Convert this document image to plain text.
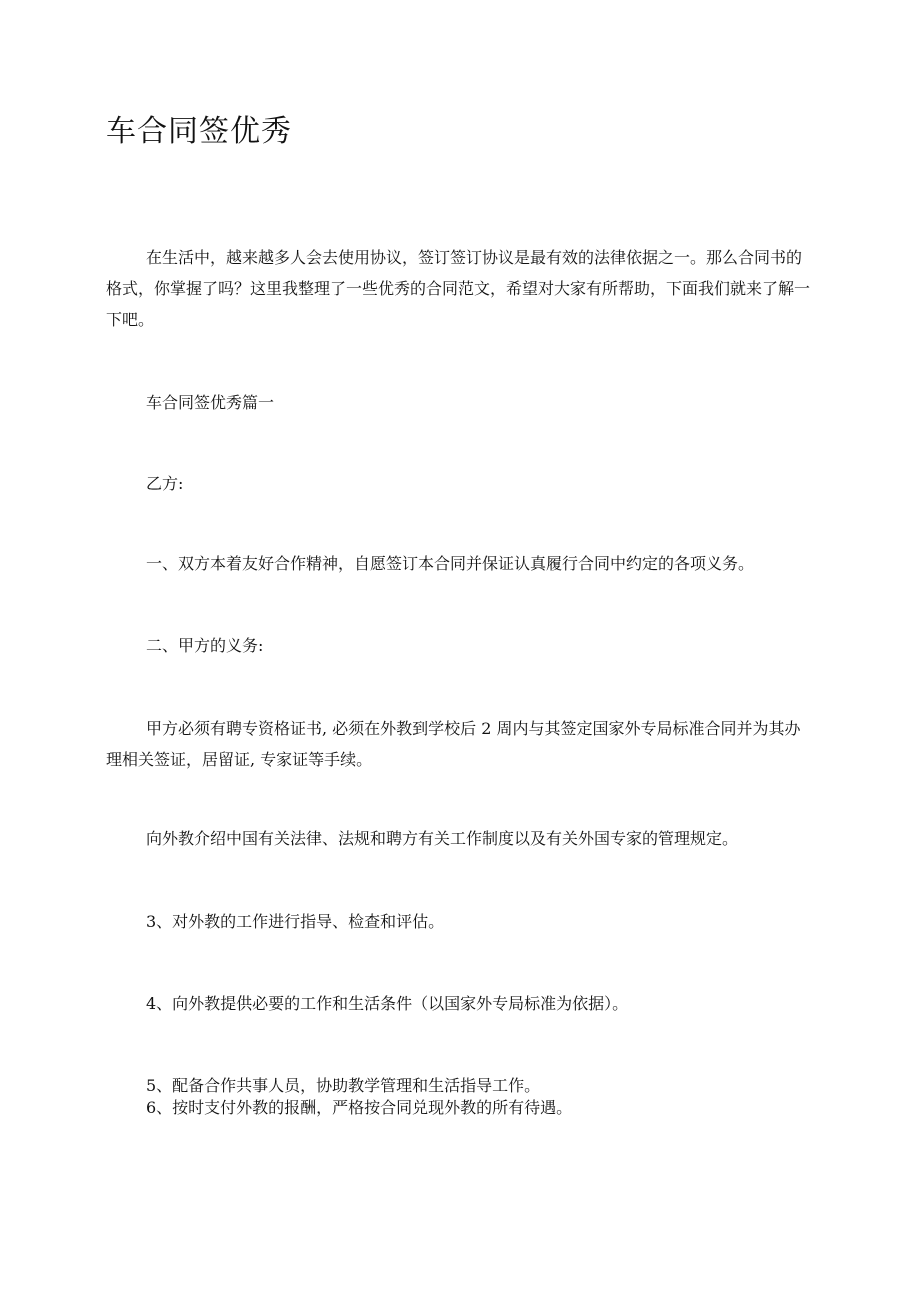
车合同签优秀

在生活中，越来越多人会去使用协议，签订签订协议是最有效的法律依据之一。那么合同书的格式，你掌握了吗？这里我整理了一些优秀的合同范文，希望对大家有所帮助，下面我们就来了解一下吧。

车合同签优秀篇一

乙方:

一、双方本着友好合作精神，自愿签订本合同并保证认真履行合同中约定的各项义务。

二、甲方的义务:

甲方必须有聘专资格证书, 必须在外教到学校后 2 周内与其签定国家外专局标准合同并为其办理相关签证，居留证, 专家证等手续。

向外教介绍中国有关法律、法规和聘方有关工作制度以及有关外国专家的管理规定。

3、对外教的工作进行指导、检查和评估。

4、向外教提供必要的工作和生活条件（以国家外专局标准为依据）。

5、配备合作共事人员，协助教学管理和生活指导工作。

6、按时支付外教的报酬，严格按合同兑现外教的所有待遇。
